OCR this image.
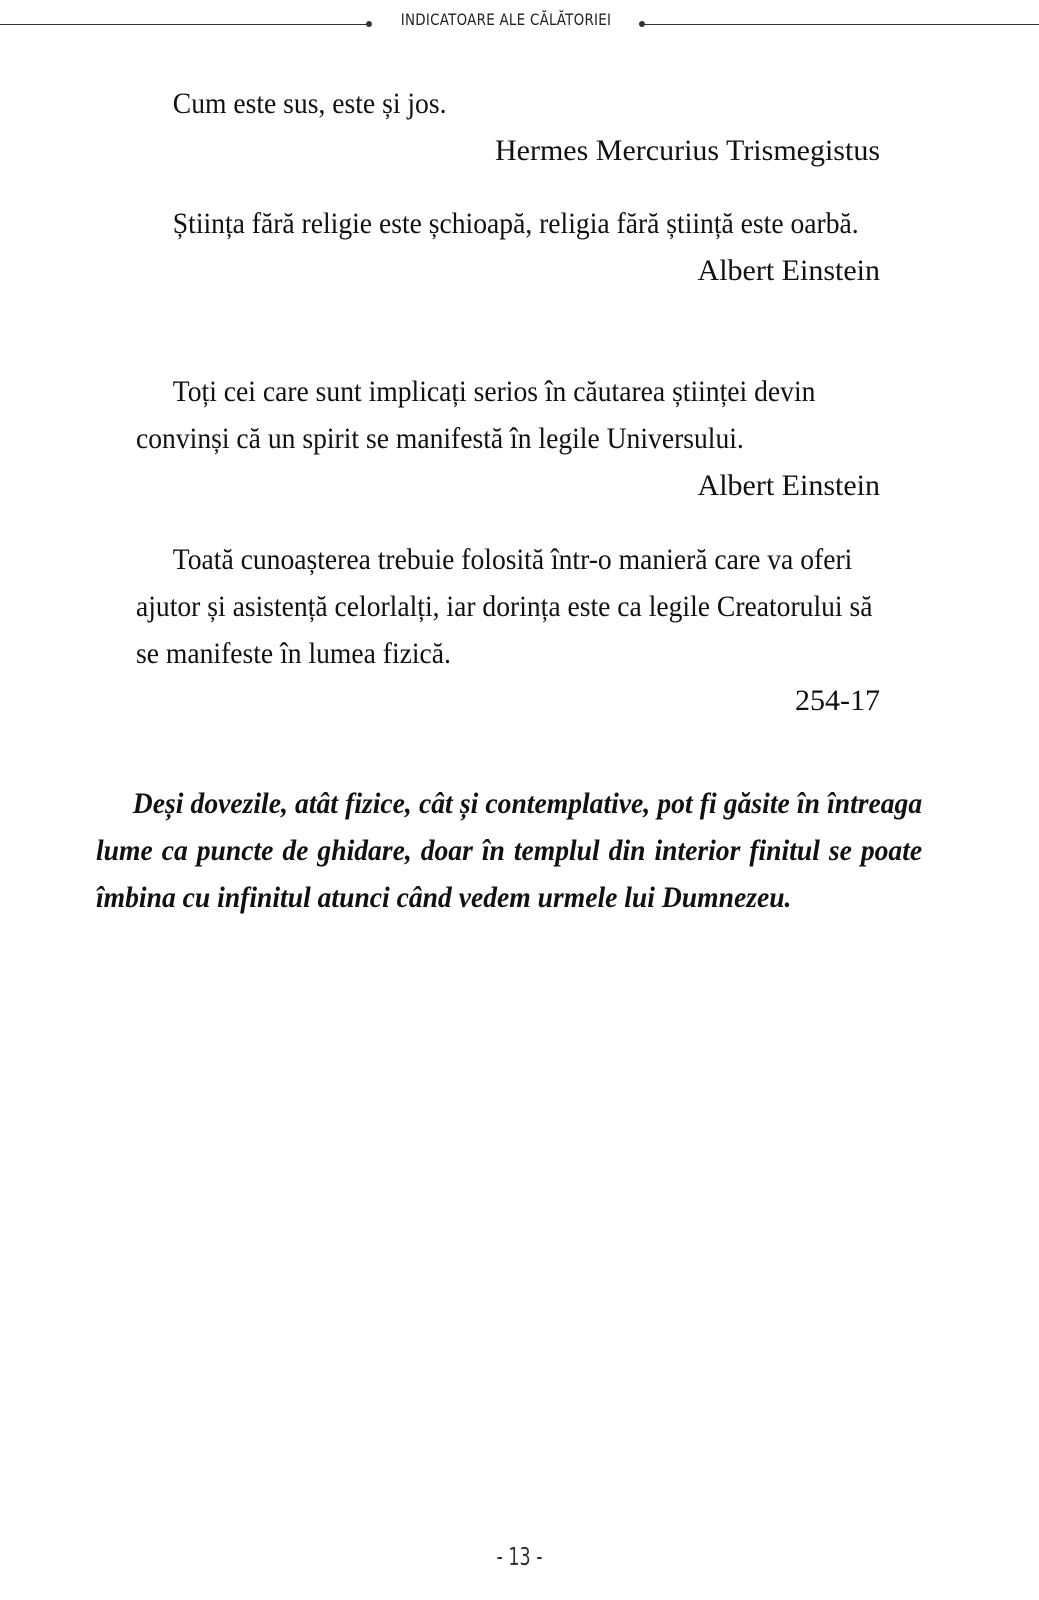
INDICATOARE ALE CĂLĂTORIEI

Cum este sus, este și jos.

Hermes Mercurius Trismegistus

Știința fără religie este șchioapă, religia fără știință este oarbă.

Albert Einstein

Toți cei care sunt implicați serios în căutarea științei devin convinși că un spirit se manifestă în legile Universului.

Albert Einstein

Toată cunoașterea trebuie folosită într-o manieră care va oferi ajutor și asistență celorlalți, iar dorința este ca legile Creatorului să se manifeste în lumea fizică.

254-17

Deși dovezile, atât fizice, cât și contemplative, pot fi găsite în întreaga lume ca puncte de ghidare, doar în templul din interior finitul se poate îmbina cu infinitul atunci când vedem urmele lui Dumnezeu.

- 13 -
